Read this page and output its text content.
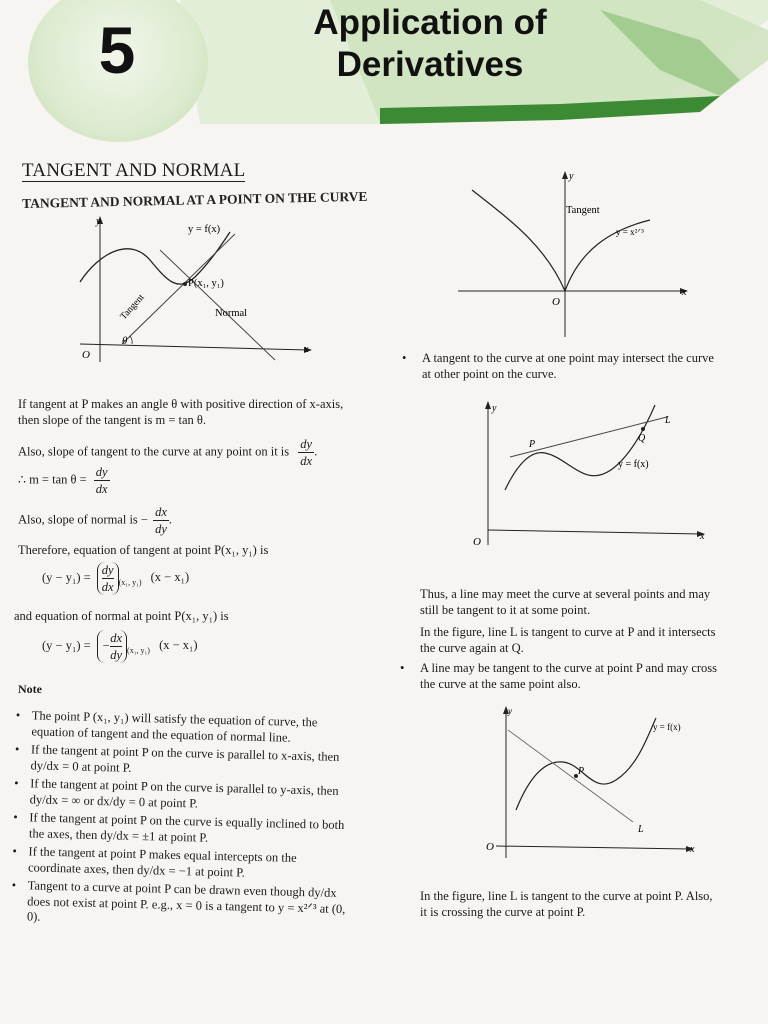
5	Application of
Derivatives
TANGENT AND NORMAL
TANGENT AND NORMAL AT A POINT ON THE CURVE
y
x
O
y = f(x)
P(x₁, y₁)
Normal
Tangent
θ
If tangent at P makes an angle θ with positive direction of x-axis,
then slope of the tangent is m = tan θ.
Also, slope of tangent to the curve at any point on it is $\frac{dy}{dx}$ .
∴ $m = \tan \theta = \frac{dy}{dx}$
Also, slope of normal is − $\frac{dx}{dy}$ .
Therefore, equation of tangent at point P(x₁, y₁) is
$(y - y_1) = \frac{dy}{dx} _{(x_1, y_1)}$ (x − x₁)
and equation of normal at point P(x₁, y₁) is
(y − y₁) = − $\frac{dx}{dy} _{(x_1, y_1)}$ (x − x₁)
Note
• The point P (x₁, y₁) will satisfy the equation of curve, the equation of tangent and the equation of normal line.
• If the tangent at point P on the curve is parallel to x-axis, then dy/dx = 0 at point P.
• If the tangent at point P on the curve is parallel to y-axis, then dy/dx = ∞ or dx/dy = 0 at point P.
• If the tangent at point P on the curve is equally inclined to both the axes, then dy/dx = ±1 at point P.
• If the tangent at point P makes equal intercepts on the coordinate axes, then dy/dx = −1 at point P.
• Tangent to a curve at point P can be drawn even though dy/dx does not exist at point P. e.g., x = 0 is a tangent to y = x²ᐟ³ at (0, 0).
y
x
O
Tangent
y = x²ᐟ³
• A tangent to the curve at one point may intersect the curve
at other point on the curve.
y
x
O
L
P
Q
y = f(x)
Thus, a line may meet the curve at several points and may
still be tangent to it at some point.
In the figure, line L is tangent to curve at P and it intersects
the curve again at Q.
• A line may be tangent to the curve at point P and may cross
the curve at the same point also.
y
x
O
L
P
y = f(x)
In the figure, line L is tangent to the curve at point P. Also,
it is crossing the curve at point P.
